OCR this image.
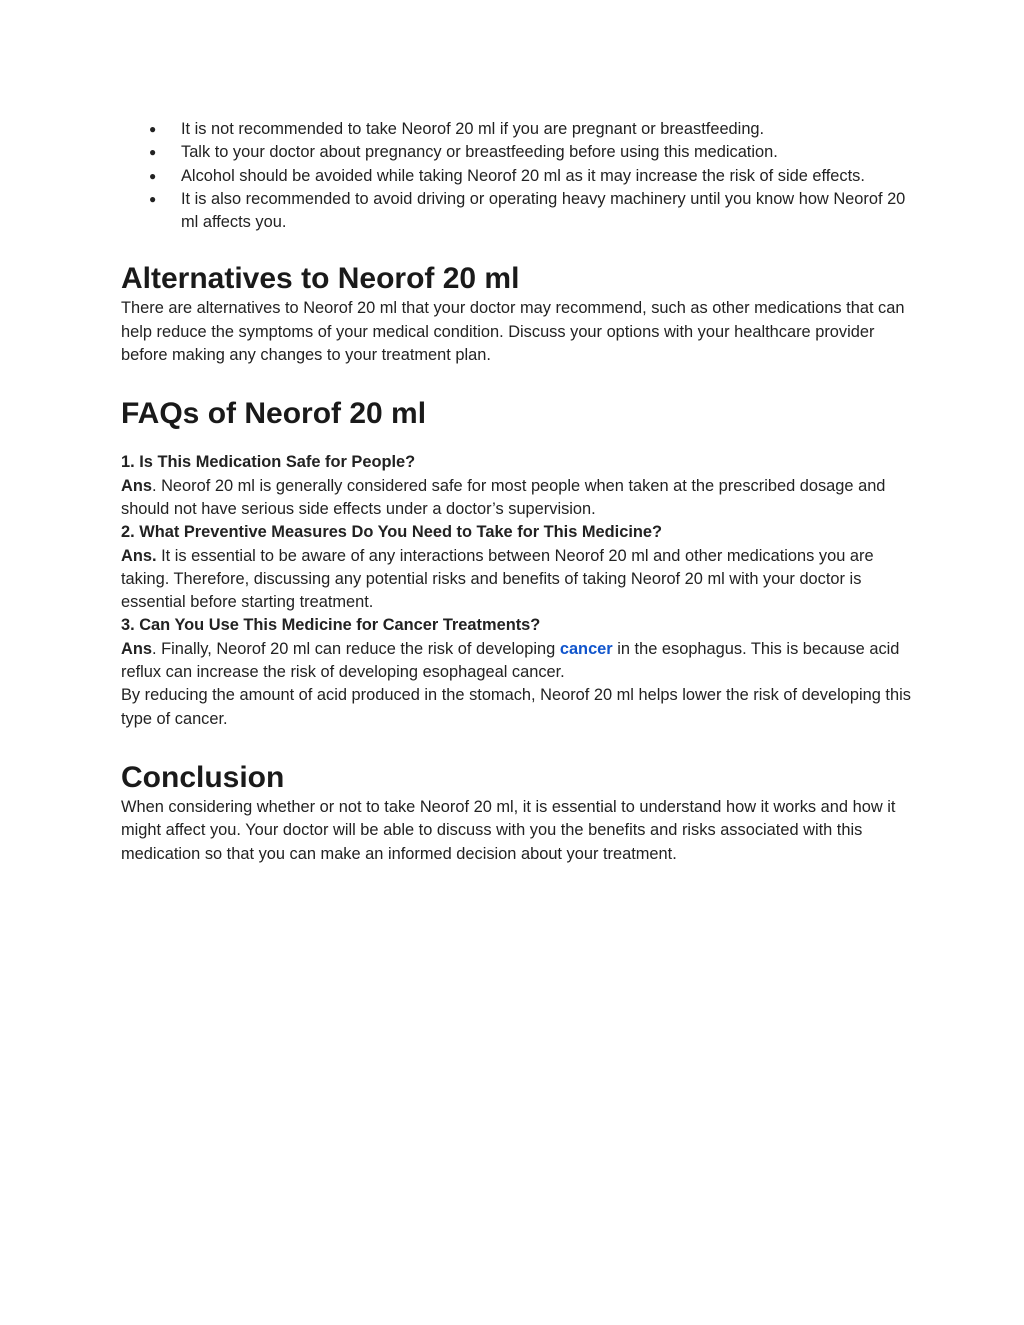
● It is not recommended to take Neorof 20 ml if you are pregnant or breastfeeding.
● Talk to your doctor about pregnancy or breastfeeding before using this medication.
● Alcohol should be avoided while taking Neorof 20 ml as it may increase the risk of side effects.
● It is also recommended to avoid driving or operating heavy machinery until you know how Neorof 20 ml affects you.
Alternatives to Neorof 20 ml

There are alternatives to Neorof 20 ml that your doctor may recommend, such as other medications that can help reduce the symptoms of your medical condition. Discuss your options with your healthcare provider before making any changes to your treatment plan.

FAQs of Neorof 20 ml
1. Is This Medication Safe for People?
Ans. Neorof 20 ml is generally considered safe for most people when taken at the prescribed dosage and should not have serious side effects under a doctor’s supervision.
2. What Preventive Measures Do You Need to Take for This Medicine?
Ans. It is essential to be aware of any interactions between Neorof 20 ml and other medications you are taking. Therefore, discussing any potential risks and benefits of taking Neorof 20 ml with your doctor is essential before starting treatment.
3. Can You Use This Medicine for Cancer Treatments?
Ans. Finally, Neorof 20 ml can reduce the risk of developing cancer in the esophagus. This is because acid reflux can increase the risk of developing esophageal cancer.
By reducing the amount of acid produced in the stomach, Neorof 20 ml helps lower the risk of developing this type of cancer.
Conclusion

When considering whether or not to take Neorof 20 ml, it is essential to understand how it works and how it might affect you. Your doctor will be able to discuss with you the benefits and risks associated with this medication so that you can make an informed decision about your treatment.
